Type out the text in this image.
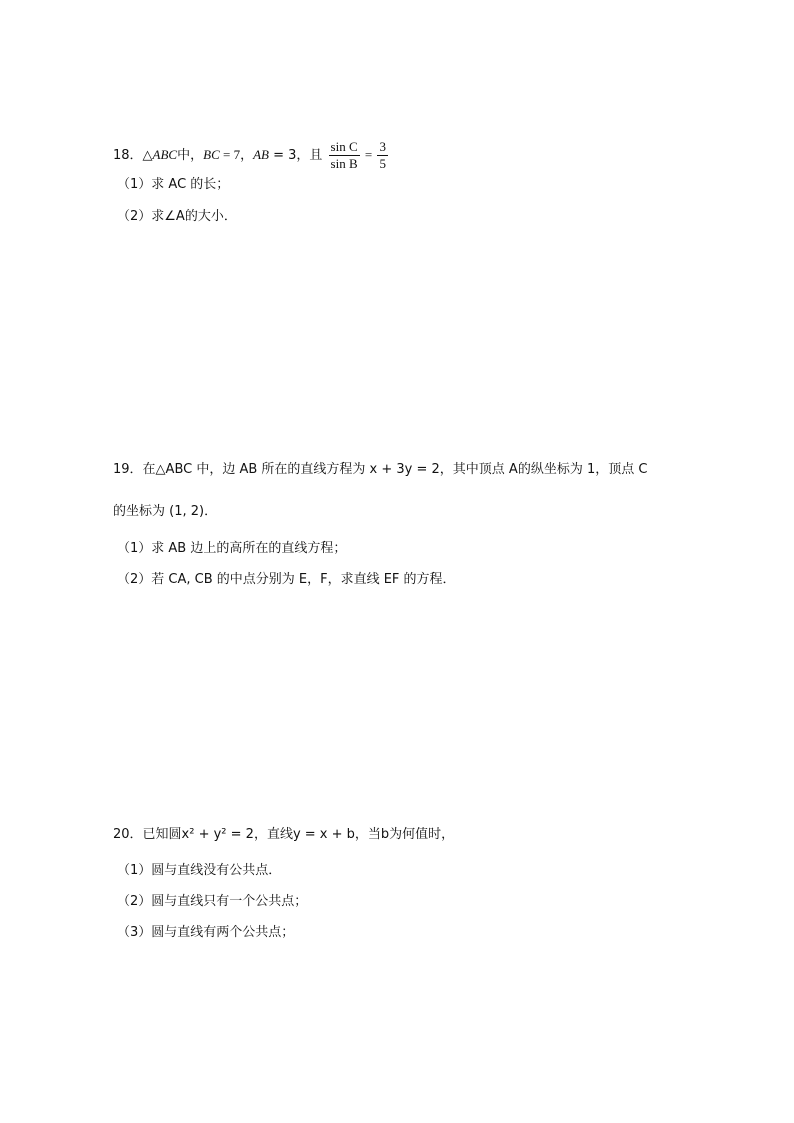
18．△ABC中，BC = 7，AB = 3，且 $\frac{\text{sin C}}{\text{sin B}} = \frac{3}{5}$
（1）求 AC 的长；
（2）求∠A的大小．
19．在△ABC 中，边 AB 所在的直线方程为 x + 3y = 2，其中顶点 A的纵坐标为 1，顶点 C
的坐标为 (1, 2)．
（1）求 AB 边上的高所在的直线方程；
（2）若 CA, CB 的中点分别为 E，F，求直线 EF 的方程．
20．已知圆x² + y² = 2，直线y = x + b，当b为何值时，
（1）圆与直线没有公共点．
（2）圆与直线只有一个公共点；
（3）圆与直线有两个公共点；
